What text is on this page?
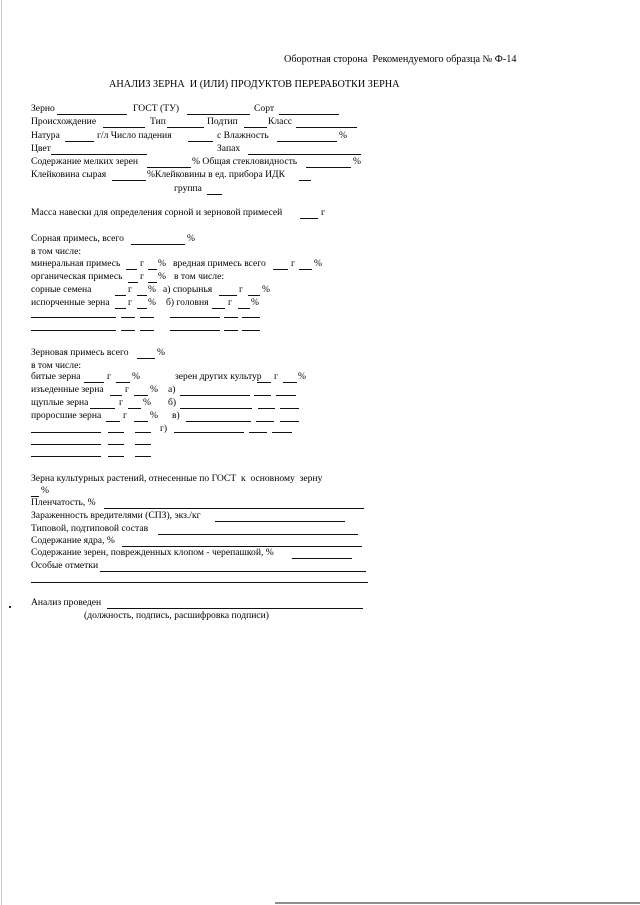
Оборотная сторона  Рекомендуемого образца № Ф-14
АНАЛИЗ ЗЕРНА  И (ИЛИ) ПРОДУКТОВ ПЕРЕРАБОТКИ ЗЕРНА
Зерно	ГОСТ (ТУ)	Сорт
Происхождение	Тип	Подтип	Класс
Натура	г/л Число падения	с Влажность	%
Цвет	Запах
Содержание мелких зерен	% Общая стекловидность	%
Клейковина сырая	%Клейковины в ед. прибора ИДК
группа
Масса навески для определения сорной и зерновой примесей	г
Сорная примесь, всего	%
в том числе:
минеральная примесь г % вредная примесь всего	г %
органическая примесь г % в том числе:
сорные семена	г % а) спорынья	г %
испорченные зерна г % б) головня г %
Зерновая примесь всего	%
в том числе:
битые зерна	г %	зерен других культур г %
изъеденные зерна г % а)
щуплые зерна	г % б)
проросшие зерна г % в)
г)
Зерна культурных растений, отнесенные по ГОСТ  к  основному  зерну
%
Пленчатость, %
Зараженность вредителями (СПЗ), экз./кг
Типовой, подтиповой состав
Содержание ядра, %
Содержание зерен, поврежденных клопом - черепашкой, %
Особые отметки
Анализ проведен
(должность, подпись, расшифровка подписи)
